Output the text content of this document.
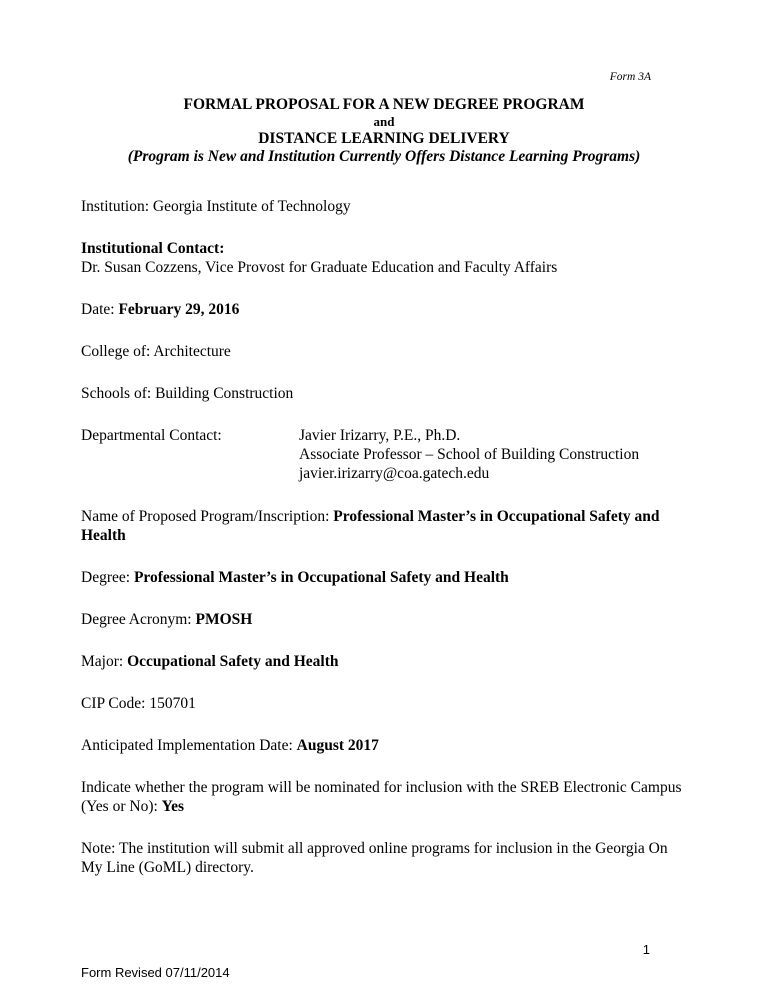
Form 3A
FORMAL PROPOSAL FOR A NEW DEGREE PROGRAM
and
DISTANCE LEARNING DELIVERY
(Program is New and Institution Currently Offers Distance Learning Programs)
Institution: Georgia Institute of Technology
Institutional Contact:
Dr. Susan Cozzens, Vice Provost for Graduate Education and Faculty Affairs
Date: February 29, 2016
College of: Architecture
Schools of: Building Construction
Departmental Contact:	Javier Irizarry, P.E., Ph.D.
Associate Professor – School of Building Construction
javier.irizarry@coa.gatech.edu
Name of Proposed Program/Inscription: Professional Master’s in Occupational Safety and
Health
Degree: Professional Master’s in Occupational Safety and Health
Degree Acronym: PMOSH
Major: Occupational Safety and Health
CIP Code: 150701
Anticipated Implementation Date: August 2017
Indicate whether the program will be nominated for inclusion with the SREB Electronic Campus
(Yes or No): Yes
Note: The institution will submit all approved online programs for inclusion in the Georgia On
My Line (GoML) directory.
1
Form Revised 07/11/2014
